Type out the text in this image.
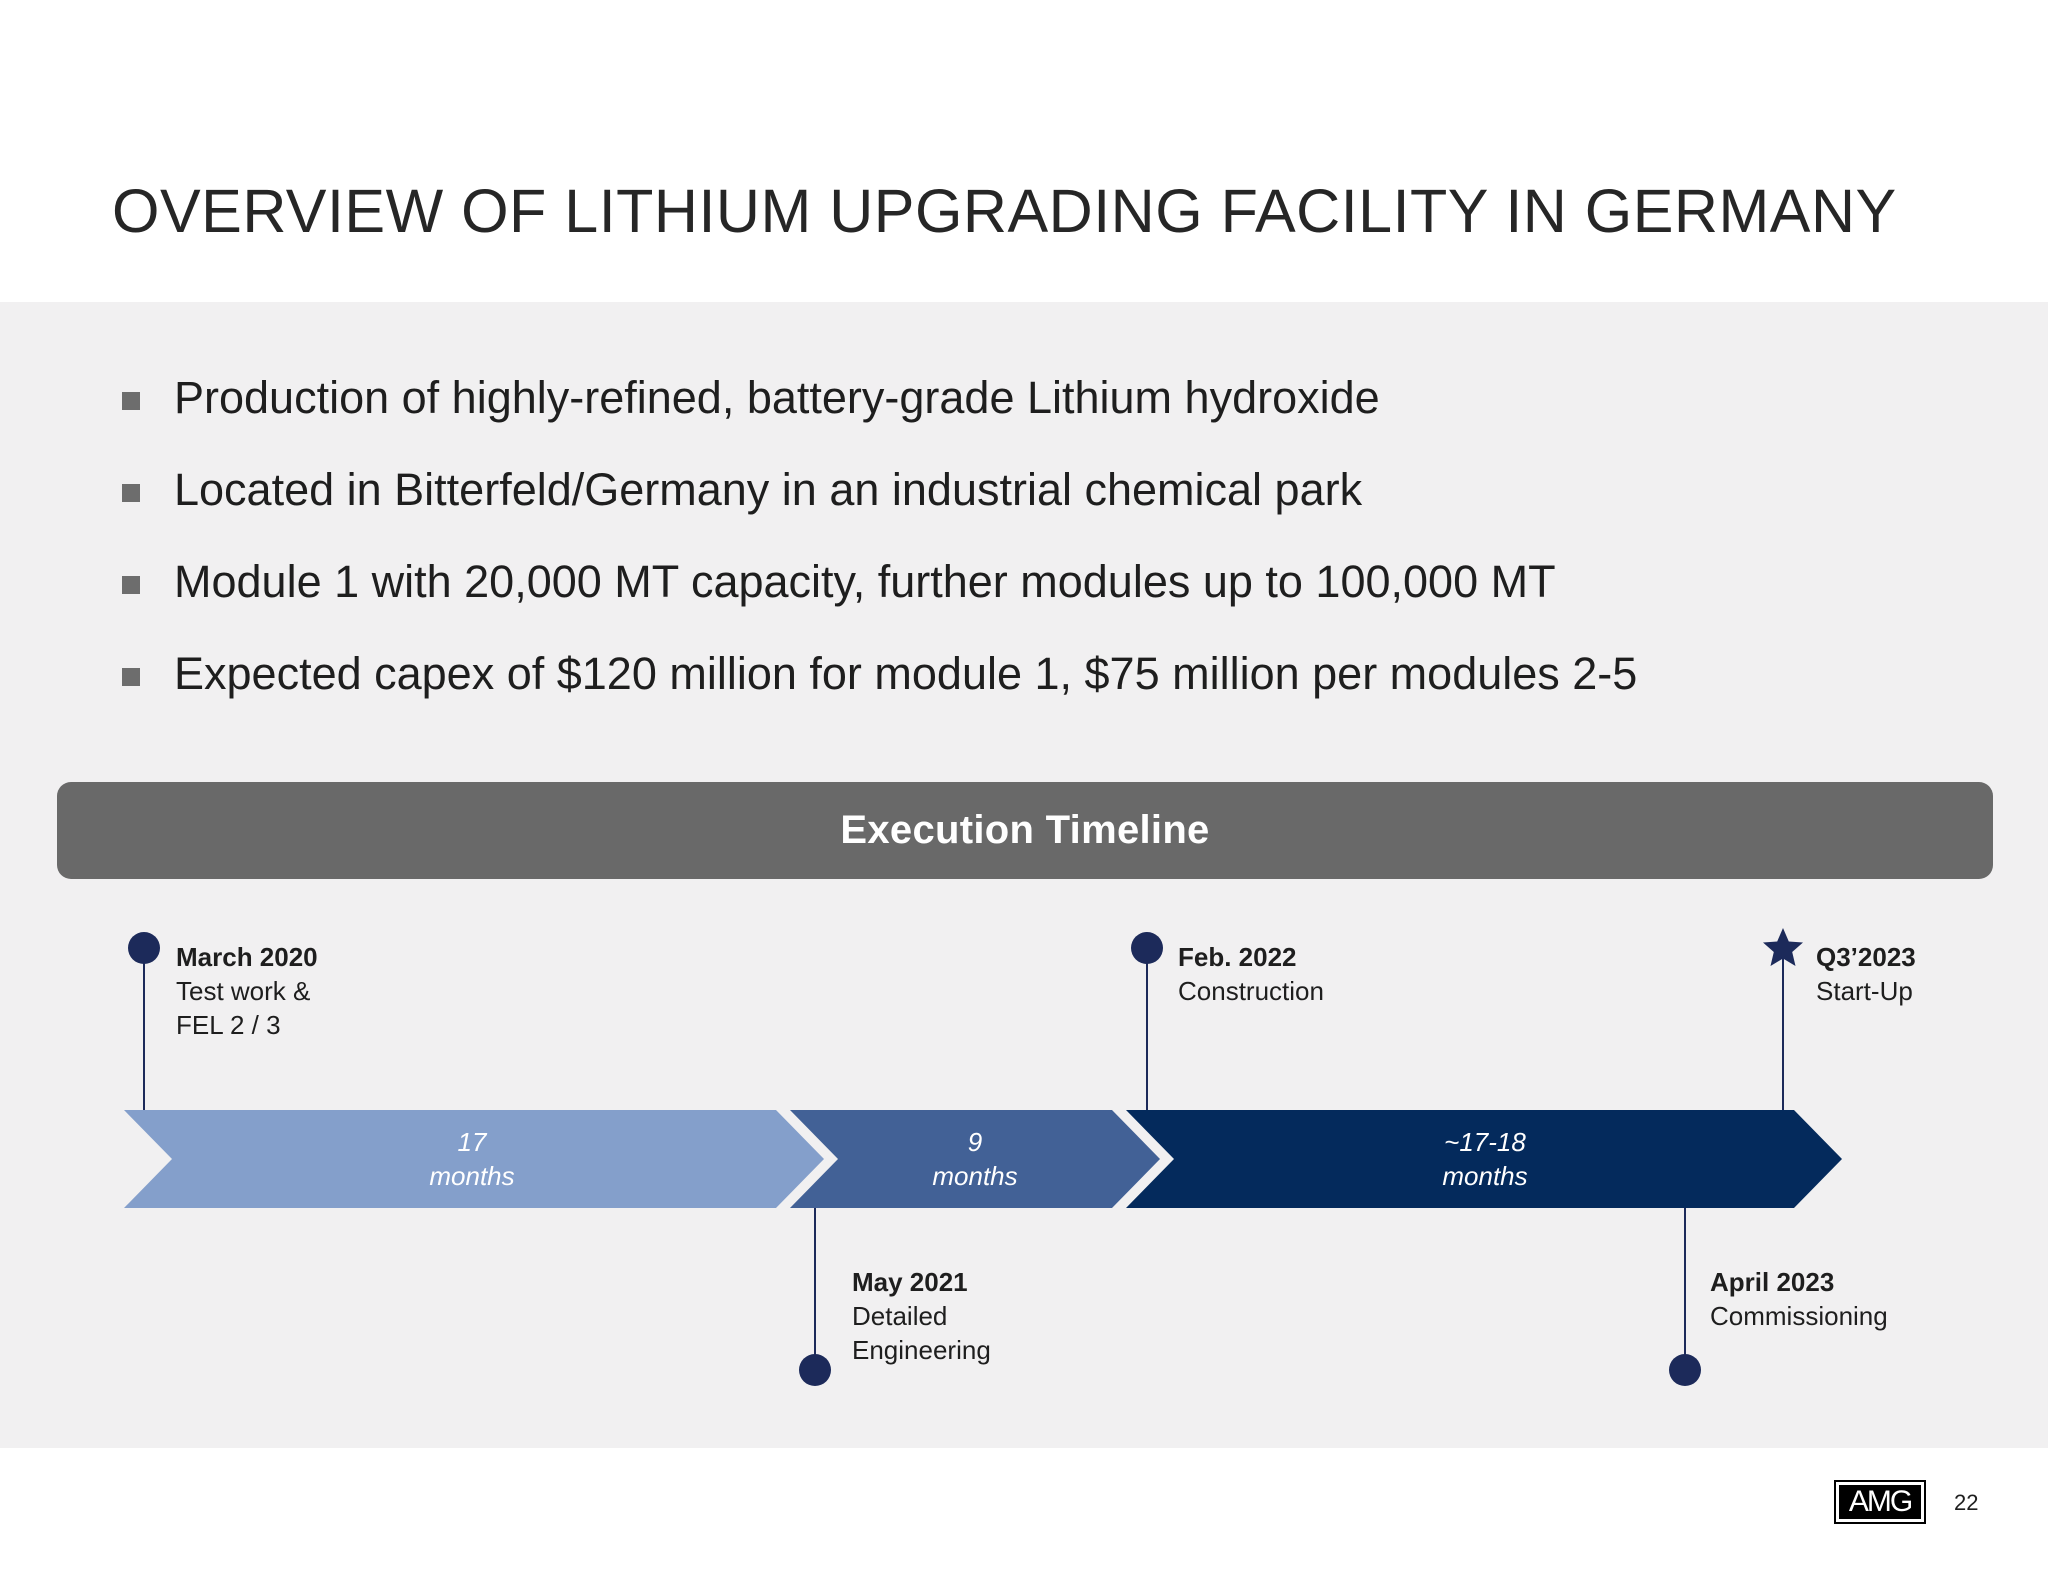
OVERVIEW OF LITHIUM UPGRADING FACILITY IN GERMANY
Production of highly-refined, battery-grade Lithium hydroxide
Located in Bitterfeld/Germany in an industrial chemical park
Module 1 with 20,000 MT capacity, further modules up to 100,000 MT
Expected capex of $120 million for module 1, $75 million per modules 2-5
Execution Timeline
17
months
9
months
~17-18
months
March 2020
Test work &
FEL 2 / 3
May 2021
Detailed
Engineering
Feb. 2022
Construction
April 2023
Commissioning
Q3’2023
Start-Up
AMG	22
